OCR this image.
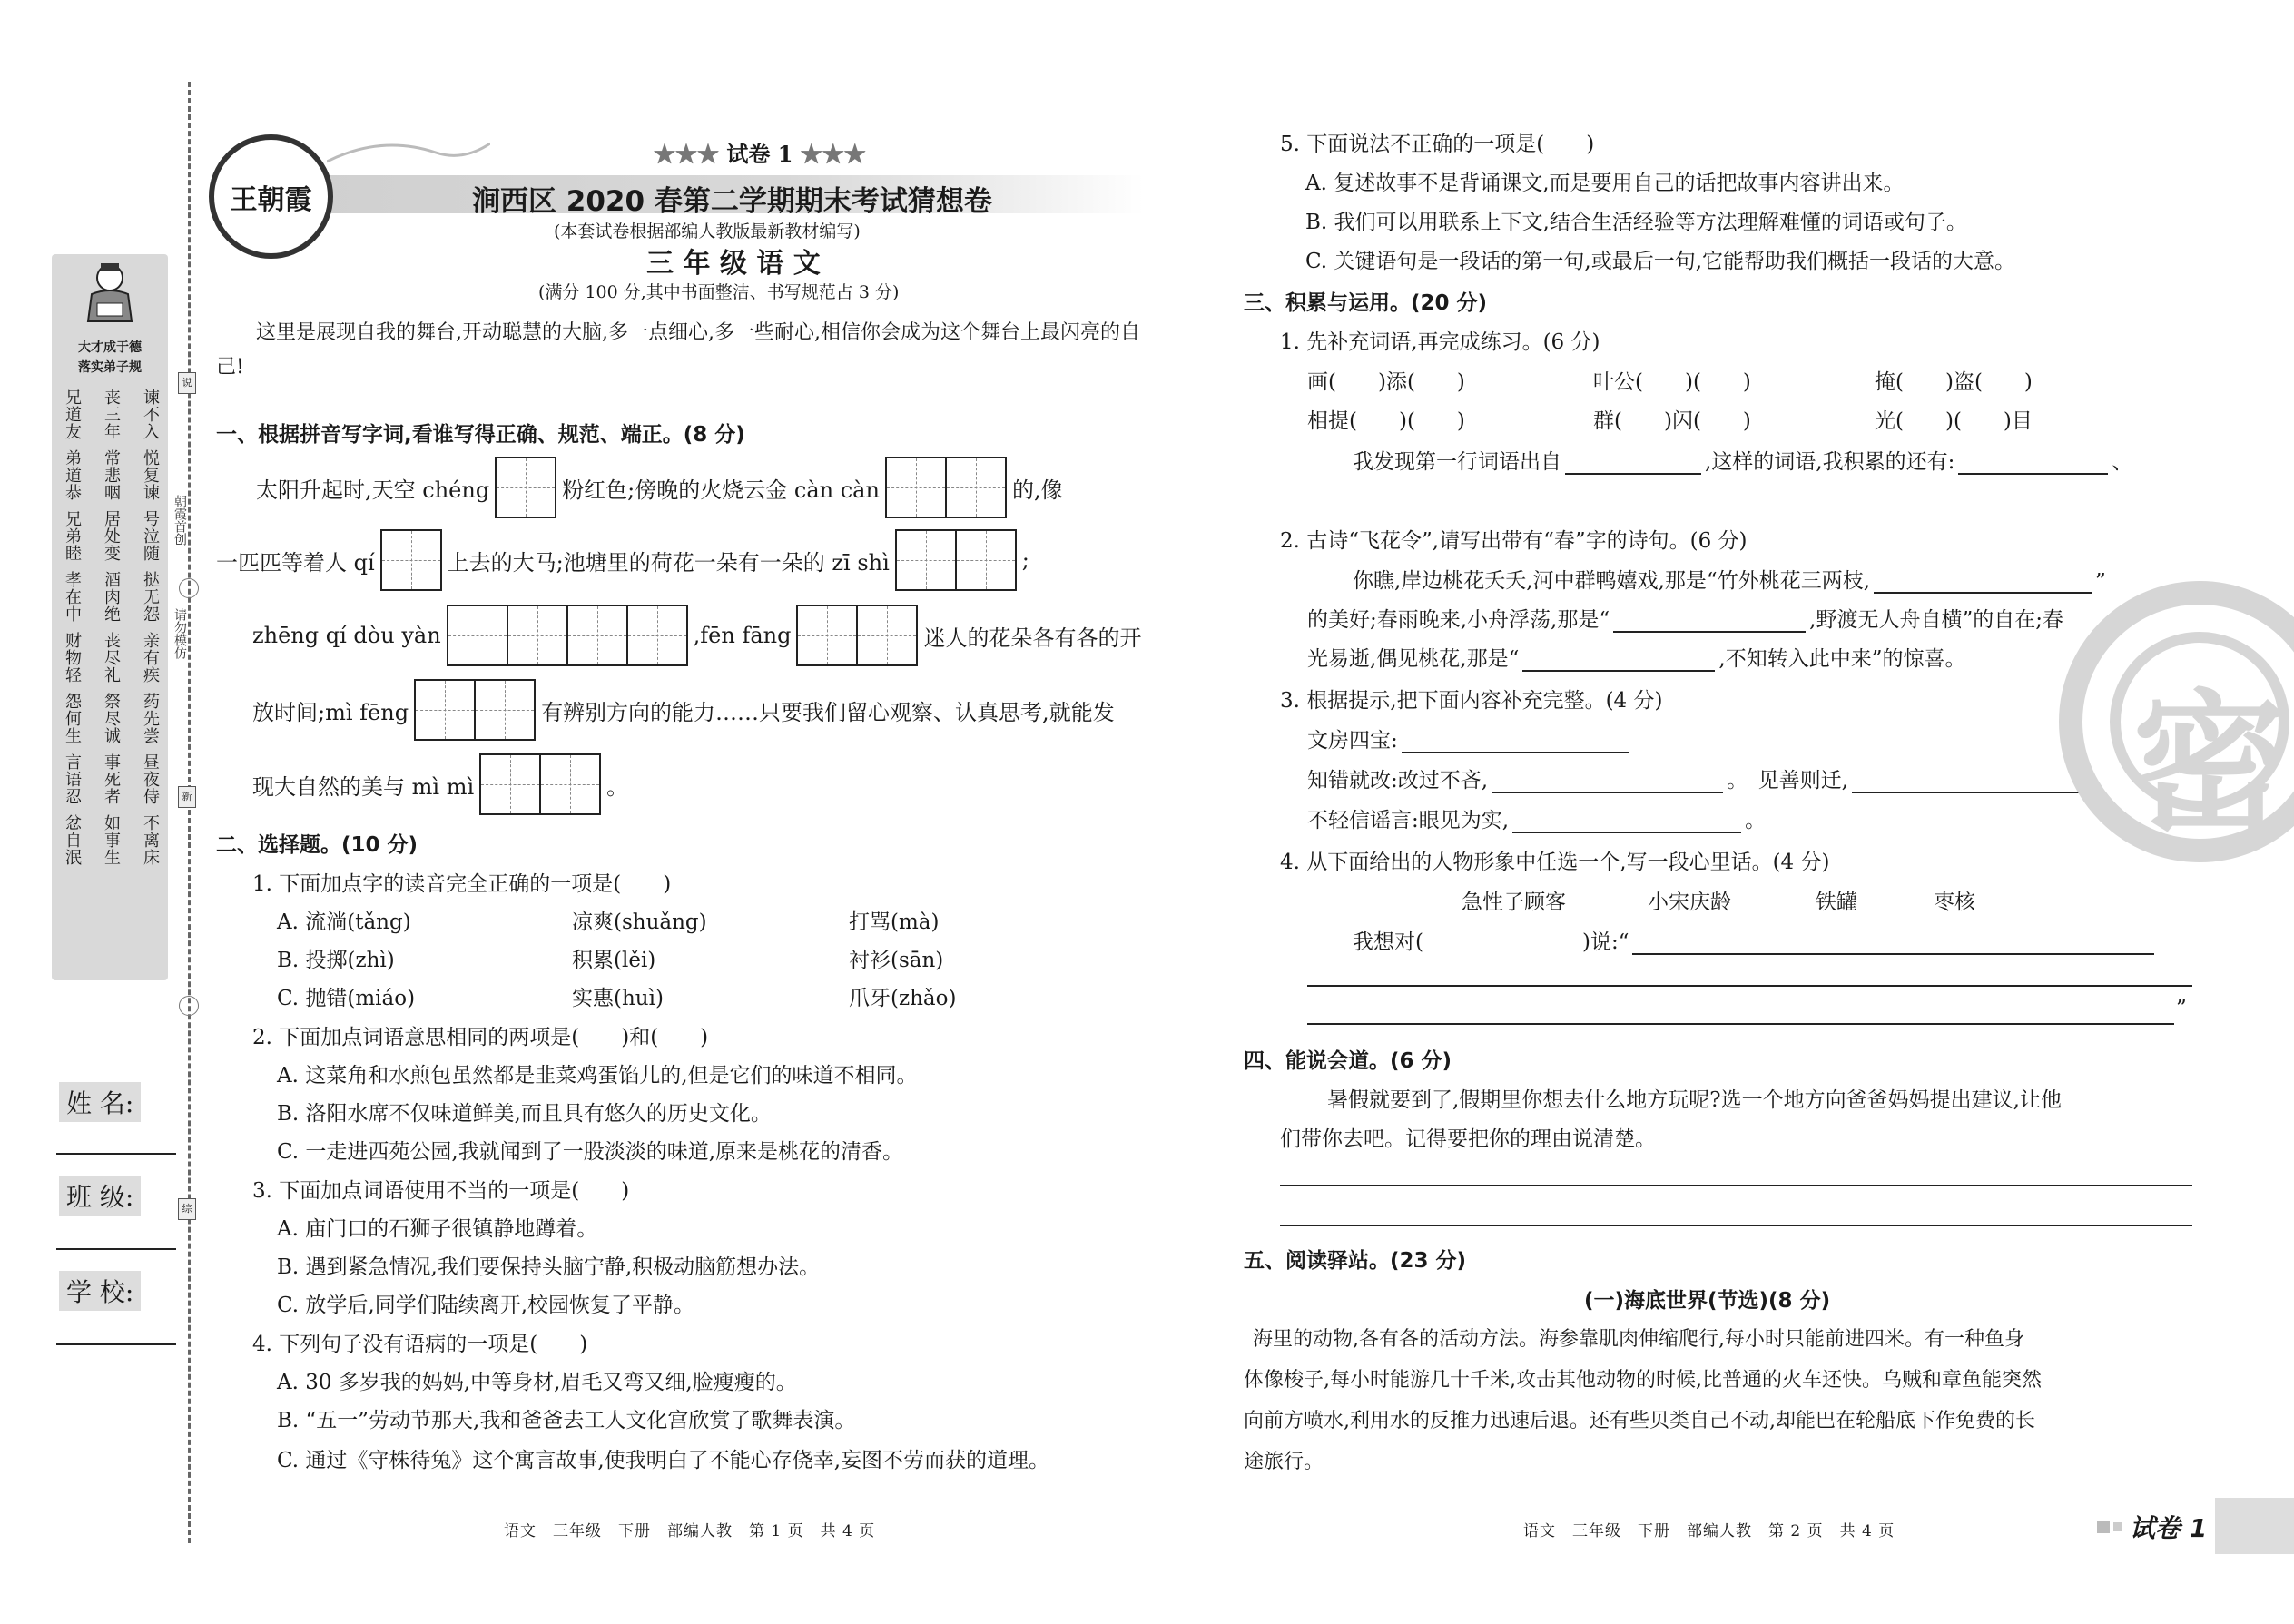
大才成于德
落实弟子规
兄道友 丧三年 谏不入
弟道恭 常悲咽 悦复谏
兄弟睦 居处变 号泣随
孝在中 酒肉绝 挞无怨
财物轻 丧尽礼 亲有疾
怨何生 祭尽诚 药先尝
言语忍 事死者 昼夜侍
忿自泯 如事生 不离床
说
朝霞首创
请勿模仿
新
综
姓 名:
班 级:
学 校:
王朝霞
★★★ 试卷 1 ★★★
涧西区 2020 春第二学期期末考试猜想卷
(本套试卷根据部编人教版最新教材编写)
三 年 级 语 文
(满分 100 分,其中书面整洁、书写规范占 3 分)
这里是展现自我的舞台,开动聪慧的大脑,多一点细心,多一些耐心,相信你会成为这个舞台上最闪亮的自己!
一、根据拼音写字词,看谁写得正确、规范、端正。(8 分)
太阳升起时,天空 chéng	粉红色;傍晚的火烧云金 càn càn	的,像
一匹匹等着人 qí	上去的大马;池塘里的荷花一朵有一朵的 zī shì	;
zhēng qí dòu yàn	,fēn fāng	迷人的花朵各有各的开
放时间;mì fēng	有辨别方向的能力……只要我们留心观察、认真思考,就能发
现大自然的美与 mì mì	。
二、选择题。(10 分)
1. 下面加点字的读音完全正确的一项是(　　)
A. 流淌(tǎng)	凉爽(shuǎng)	打骂(mà)
B. 投掷(zhì)	积累(lěi)	衬衫(sān)
C. 抛错(miáo)	实惠(huì)	爪牙(zhǎo)
2. 下面加点词语意思相同的两项是(　　)和(　　)
A. 这菜角和水煎包虽然都是韭菜鸡蛋馅儿的,但是它们的味道不相同。
B. 洛阳水席不仅味道鲜美,而且具有悠久的历史文化。
C. 一走进西苑公园,我就闻到了一股淡淡的味道,原来是桃花的清香。
3. 下面加点词语使用不当的一项是(　　)
A. 庙门口的石狮子很镇静地蹲着。
B. 遇到紧急情况,我们要保持头脑宁静,积极动脑筋想办法。
C. 放学后,同学们陆续离开,校园恢复了平静。
4. 下列句子没有语病的一项是(　　)
A. 30 多岁我的妈妈,中等身材,眉毛又弯又细,脸瘦瘦的。
B. “五一”劳动节那天,我和爸爸去工人文化宫欣赏了歌舞表演。
C. 通过《守株待兔》这个寓言故事,使我明白了不能心存侥幸,妄图不劳而获的道理。
语文　三年级　下册　部编人教　第 1 页　共 4 页
5. 下面说法不正确的一项是(　　)
A. 复述故事不是背诵课文,而是要用自己的话把故事内容讲出来。
B. 我们可以用联系上下文,结合生活经验等方法理解难懂的词语或句子。
C. 关键语句是一段话的第一句,或最后一句,它能帮助我们概括一段话的大意。
三、积累与运用。(20 分)
1. 先补充词语,再完成练习。(6 分)
画(　　)添(　　)	叶公(　　)(　　)	掩(　　)盗(　　)
相提(　　)(　　)	群(　　)闪(　　)	光(　　)(　　)目
我发现第一行词语出自	,这样的词语,我积累的还有:	、
2. 古诗“飞花令”,请写出带有“春”字的诗句。(6 分)
你瞧,岸边桃花夭夭,河中群鸭嬉戏,那是“竹外桃花三两枝,	”
的美好;春雨晚来,小舟浮荡,那是“	,野渡无人舟自横”的自在;春
光易逝,偶见桃花,那是“	,不知转入此中来”的惊喜。
3. 根据提示,把下面内容补充完整。(4 分)
文房四宝:
知错就改:改过不吝,	。　见善则迁,	。
不轻信谣言:眼见为实,	。
4. 从下面给出的人物形象中任选一个,写一段心里话。(4 分)
急性子顾客	小宋庆龄	铁罐	枣核
我想对(	)说:“
”
四、能说会道。(6 分)
暑假就要到了,假期里你想去什么地方玩呢?选一个地方向爸爸妈妈提出建议,让他
们带你去吧。记得要把你的理由说清楚。
五、阅读驿站。(23 分)
(一)海底世界(节选)(8 分)
海里的动物,各有各的活动方法。海参靠肌肉伸缩爬行,每小时只能前进四米。有一种鱼身
体像梭子,每小时能游几十千米,攻击其他动物的时候,比普通的火车还快。乌贼和章鱼能突然
向前方喷水,利用水的反推力迅速后退。还有些贝类自己不动,却能巴在轮船底下作免费的长
途旅行。
语文　三年级　下册　部编人教　第 2 页　共 4 页
密
试卷 1
